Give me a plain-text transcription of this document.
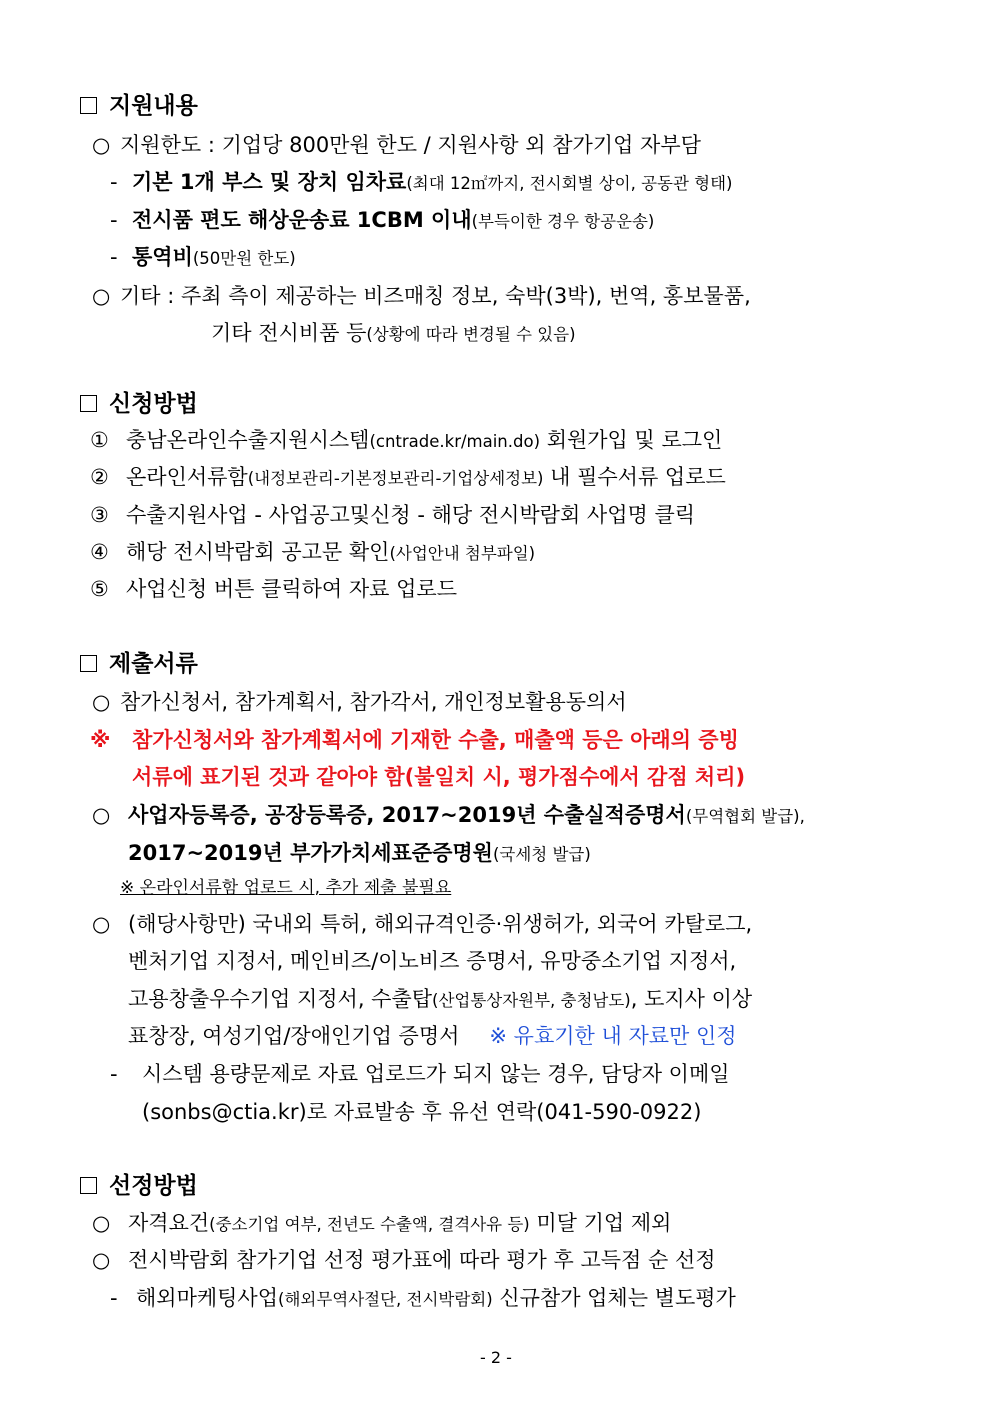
지원내용
○ 지원한도 : 기업당 800만원 한도 / 지원사항 외 참가기업 자부담
- 기본 1개 부스 및 장치 임차료(최대 12㎡까지, 전시회별 상이, 공동관 형태)
- 전시품 편도 해상운송료 1CBM 이내(부득이한 경우 항공운송)
- 통역비(50만원 한도)
○ 기타 : 주최 측이 제공하는 비즈매칭 정보, 숙박(3박), 번역, 홍보물품,
기타 전시비품 등(상황에 따라 변경될 수 있음)
신청방법
① 충남온라인수출지원시스템(cntrade.kr/main.do) 회원가입 및 로그인
② 온라인서류함(내정보관리-기본정보관리-기업상세정보) 내 필수서류 업로드
③ 수출지원사업 - 사업공고및신청 - 해당 전시박람회 사업명 클릭
④ 해당 전시박람회 공고문 확인(사업안내 첨부파일)
⑤ 사업신청 버튼 클릭하여 자료 업로드
제출서류
○ 참가신청서, 참가계획서, 참가각서, 개인정보활용동의서
※ 참가신청서와 참가계획서에 기재한 수출, 매출액 등은 아래의 증빙
서류에 표기된 것과 같아야 함(불일치 시, 평가점수에서 감점 처리)
○ 사업자등록증, 공장등록증, 2017~2019년 수출실적증명서(무역협회 발급),
2017~2019년 부가가치세표준증명원(국세청 발급)
※ 온라인서류함 업로드 시, 추가 제출 불필요
○ (해당사항만) 국내외 특허, 해외규격인증·위생허가, 외국어 카탈로그,
벤처기업 지정서, 메인비즈/이노비즈 증명서, 유망중소기업 지정서,
고용창출우수기업 지정서, 수출탑(산업통상자원부, 충청남도), 도지사 이상
표창장, 여성기업/장애인기업 증명서 ※ 유효기한 내 자료만 인정
- 시스템 용량문제로 자료 업로드가 되지 않는 경우, 담당자 이메일
(sonbs@ctia.kr)로 자료발송 후 유선 연락(041-590-0922)
선정방법
○ 자격요건(중소기업 여부, 전년도 수출액, 결격사유 등) 미달 기업 제외
○ 전시박람회 참가기업 선정 평가표에 따라 평가 후 고득점 순 선정
- 해외마케팅사업(해외무역사절단, 전시박람회) 신규참가 업체는 별도평가
- 2 -
